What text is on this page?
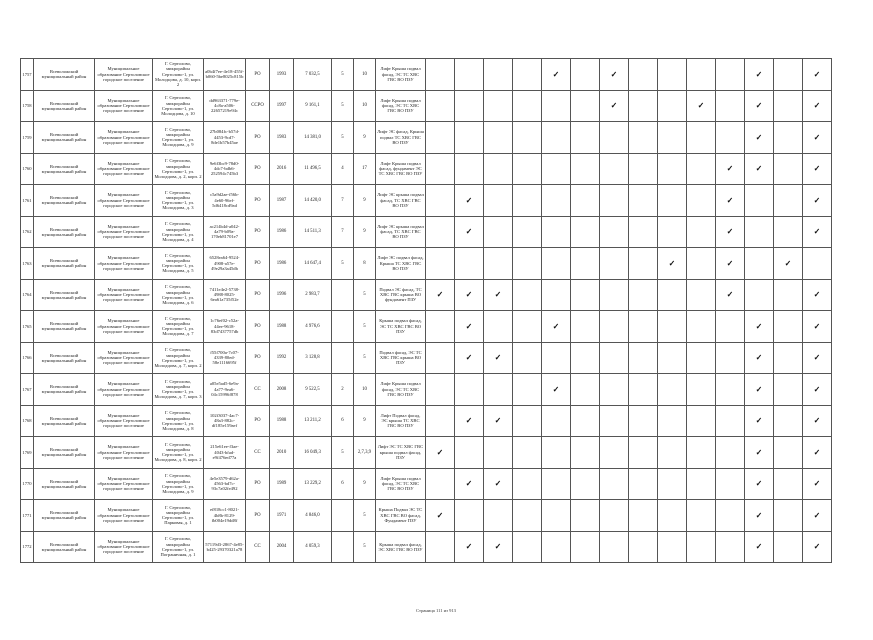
1757	Всеволожский муниципальный район	Муниципальное образование Сертоловское городское поселение	Г. Сертолово, микрорайон Сертолово-1, ул. Молодцова, д. 10, корп. 2	a0b4f7ee-4e18-455f-b060-5be8025c815b	РО	1993	7 032,5	5	10	Лифт Крыша подвал фасад, ЭС ТС ХВС ГВС ВО ПЗУ					✓		✓					✓		✓
1758	Всеволожский муниципальный район	Муниципальное образование Сертоловское городское поселение	Г. Сертолово, микрорайон Сертолово-1, ул. Молодцова, д. 10	dd963371-779e-4c8a-a506-22657219e94c	ССРО	1997	9 161,1	5	10	Лифт Крыша подвал фасад, ЭС ТС ХВС ГВС ВО ПЗУ							✓			✓		✓		✓
1759	Всеволожский муниципальный район	Муниципальное образование Сертоловское городское поселение	Г. Сертолово, микрорайон Сертолово-1, ул. Молодцова, д. 9	27b084fc-b57d-4453-9cd7-8de1b57b45ae	РО	1983	14 381,0	5	9	Лифт ЭС фасад, Крыша подвал ТС ХВС ГВС ВО ПЗУ												✓		✓
1760	Всеволожский муниципальный район	Муниципальное образование Сертоловское городское поселение	Г. Сертолово, микрорайон Сертолово-1, ул. Молодцова, д. 2, корп. 2	9e6f3bc9-78d0-4dc7-bdb6-252594c745b3	РО	2016	11 496,5	4	17	Лифт Крыша подвал фасад, фундамент ЭС ТС ХВС ГВС ВО ПЗУ											✓	✓		✓
1761	Всеволожский муниципальный район	Муниципальное образование Сертоловское городское поселение	Г. Сертолово, микрорайон Сертолово-1, ул. Молодцова, д. 3	c5a9d2ae-f56b-4e60-96ef-5d6418cd9ad	РО	1987	14 420,0	7	9	Лифт ЭС крыша подвал фасад, ТС ХВС ГВС ВО ПЗУ		✓									✓			✓
1762	Всеволожский муниципальный район	Муниципальное образование Сертоловское городское поселение	Г. Сертолово, микрорайон Сертолово-1, ул. Молодцова, д. 4	ac214b4d-a042-4a79-b09a-170eb81701e7	РО	1986	14 511,3	7	9	Лифт ЭС крыша подвал фасад, ТС ХВС ГВС ВО ПЗУ		✓									✓			✓
1763	Всеволожский муниципальный район	Муниципальное образование Сертоловское городское поселение	Г. Сертолово, микрорайон Сертолово-1, ул. Молодцова, д. 5	6528ea64-9524-4908-a57e-49e29a3a45db	РО	1986	14 647,4	5	8	Лифт ЭС подвал фасад, Крыша ТС ХВС ГВС ВО ПЗУ									✓		✓		✓	
1764	Всеволожский муниципальный район	Муниципальное образование Сертоловское городское поселение	Г. Сертолово, микрорайон Сертолово-1, ул. Молодцова, д. 6	7411e4e2-5738-4988-8025-6ea61a735f52e	РО	1996	2 983,7		5	Подвал ЭС фасад, ТС ХВС ГВС крыша ВО фундамент ПЗУ	✓	✓	✓								✓			✓
1765	Всеволожский муниципальный район	Муниципальное образование Сертоловское городское поселение	Г. Сертолово, микрорайон Сертолово-1, ул. Молодцова, д. 7	1c76ef02-c52a-44ee-9618-83d7437757db	РО	1988	4 976,6		5	Крыша подвал фасад, ЭС ТС ХВС ГВС ВО ПЗУ		✓			✓							✓		✓
1766	Всеволожский муниципальный район	Муниципальное образование Сертоловское городское поселение	Г. Сертолово, микрорайон Сертолово-1, ул. Молодцова, д. 7, корп. 2	f55f700a-7c07-4339-80ed-58e1116695f	РО	1992	3 128,8		5	Подвал фасад, ЭС ТС ХВС ГВС крыша ВО ПЗУ		✓	✓									✓		✓
1767	Всеволожский муниципальный район	Муниципальное образование Сертоловское городское поселение	Г. Сертолово, микрорайон Сертолово-1, ул. Молодцова, д. 7, корп. 3	a05e5ad5-6e9a-4a77-9ea6-04c15996f878	СС	2008	9 522,5	2	10	Лифт Крыша подвал фасад, ЭС ТС ХВС ГВС ВО ПЗУ					✓							✓		✓
1768	Всеволожский муниципальный район	Муниципальное образование Сертоловское городское поселение	Г. Сертолово, микрорайон Сертолово-1, ул. Молодцова, д. 8	102f3037-4ac7-48a3-882c-df185e159aef	РО	1988	13 211,2	6	9	Лифт Подвал фасад, ЭС крыша ТС ХВС ГВС ВО ПЗУ		✓	✓									✓		✓
1769	Всеволожский муниципальный район	Муниципальное образование Сертоловское городское поселение	Г. Сертолово, микрорайон Сертолово-1, ул. Молодцова, д. 8, корп. 2	215e61ee-f3ae-4043-bfad-e9f476ed77a	СС	2010	16 049,3	5	2,7,3,9	Лифт ЭС ТС ХВС ГВС крыша подвал фасад, ПЗУ	✓											✓		✓
1770	Всеволожский муниципальный район	Муниципальное образование Сертоловское городское поселение	Г. Сертолово, микрорайон Сертолово-1, ул. Молодцова, д. 9	4e5e3579-d62a-4563-bd7c-93c7a02fe492	РО	1989	13 229,2	6	9	Лифт Крыша подвал фасад, ЭС ТС ХВС ГВС ВО ПЗУ		✓	✓									✓		✓
1771	Всеволожский муниципальный район	Муниципальное образование Сертоловское городское поселение	Г. Сертолово, микрорайон Сертолово-1, ул. Парковая, д. 1	ef818cc1-8021-4b8b-8129-fb004e19dd8f	РО	1971	4 846,0		5	Крыша Подвал ЭС ТС ХВС ГВС ВО фасад, Фундамент ПЗУ	✓											✓		✓
1772	Всеволожский муниципальный район	Муниципальное образование Сертоловское городское поселение	Г. Сертолово, микрорайон Сертолово-1, ул. Пограничная, д. 1	57119d3-2867-4e85-b425-29370321a78	СС	2004	4 059,3		5	Крыша подвал фасад, ЭС ХВС ГВС ВО ПЗУ		✓	✓									✓		✓
Страница 111 из 913
